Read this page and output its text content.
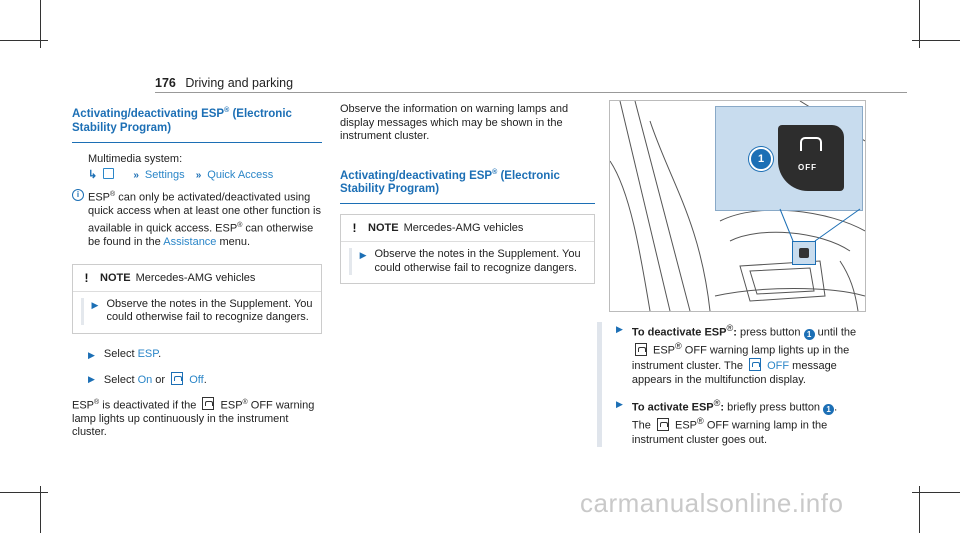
176 Driving and parking
Activating/deactivating ESP® (Electronic Stability Program)

Multimedia system:

↳	» Settings » Quick Access
i ESP® can only be activated/deactivated using quick access when at least one other function is available in quick access. ESP® can otherwise be found in the Assistance menu.
!	NOTE Mercedes-AMG vehicles
▶ Observe the notes in the Supplement. You could otherwise fail to recognize dangers.
▶ Select ESP.
▶ Select On or  Off.

ESP® is deactivated if the  ESP® OFF warning lamp lights up continuously in the instrument cluster.

Observe the information on warning lamps and display messages which may be shown in the instrument cluster.

Activating/deactivating ESP® (Electronic Stability Program)
!	NOTE Mercedes-AMG vehicles
▶ Observe the notes in the Supplement. You could otherwise fail to recognize dangers.
1
OFF
▶ To deactivate ESP®: press button 1 until the  ESP® OFF warning lamp lights up in the instrument cluster. The  OFF message appears in the multifunction display.
▶ To activate ESP®: briefly press button 1 .
The  ESP® OFF warning lamp in the instrument cluster goes out.
carmanualsonline.info
